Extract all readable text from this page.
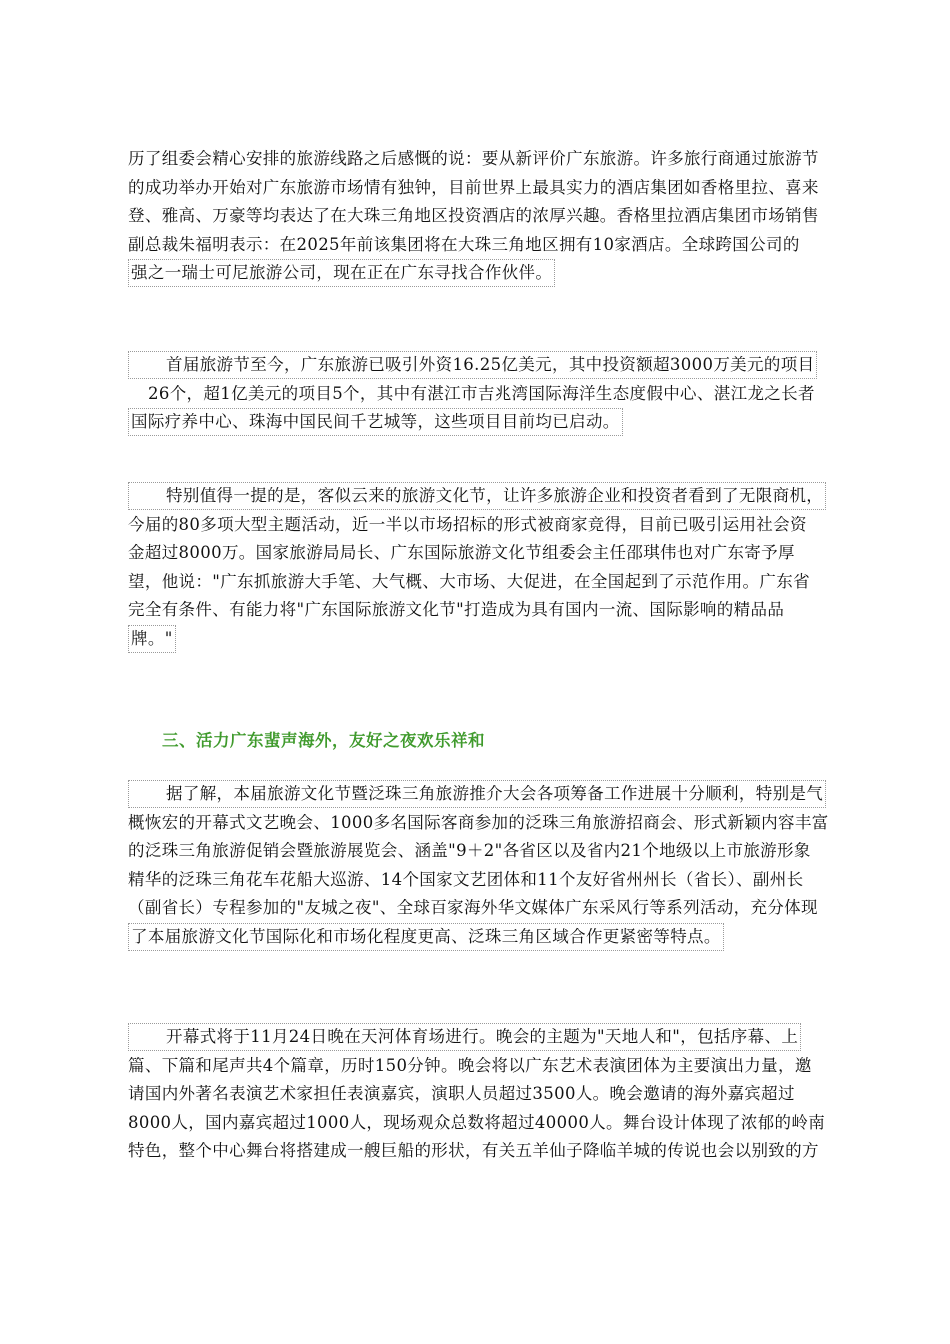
历了组委会精心安排的旅游线路之后感慨的说：要从新评价广东旅游。许多旅行商通过旅游节
的成功举办开始对广东旅游市场情有独钟，目前世界上最具实力的酒店集团如香格里拉、喜来
登、雅高、万豪等均表达了在大珠三角地区投资酒店的浓厚兴趣。香格里拉酒店集团市场销售
副总裁朱福明表示：在2025年前该集团将在大珠三角地区拥有10家酒店。全球跨国公司的
强之一瑞士可尼旅游公司，现在正在广东寻找合作伙伴。
首届旅游节至今，广东旅游已吸引外资16.25亿美元，其中投资额超3000万美元的项目
26个，超1亿美元的项目5个，其中有湛江市吉兆湾国际海洋生态度假中心、湛江龙之长者
国际疗养中心、珠海中国民间千艺城等，这些项目目前均已启动。
特别值得一提的是，客似云来的旅游文化节，让许多旅游企业和投资者看到了无限商机，
今届的80多项大型主题活动，近一半以市场招标的形式被商家竞得，目前已吸引运用社会资
金超过8000万。国家旅游局局长、广东国际旅游文化节组委会主任邵琪伟也对广东寄予厚
望，他说："广东抓旅游大手笔、大气概、大市场、大促进，在全国起到了示范作用。广东省
完全有条件、有能力将"广东国际旅游文化节"打造成为具有国内一流、国际影响的精品品
牌。"
三、活力广东蜚声海外，友好之夜欢乐祥和
据了解，本届旅游文化节暨泛珠三角旅游推介大会各项筹备工作进展十分顺利，特别是气
概恢宏的开幕式文艺晚会、1000多名国际客商参加的泛珠三角旅游招商会、形式新颖内容丰富
的泛珠三角旅游促销会暨旅游展览会、涵盖"9＋2"各省区以及省内21个地级以上市旅游形象
精华的泛珠三角花车花船大巡游、14个国家文艺团体和11个友好省州州长（省长）、副州长
（副省长）专程参加的"友城之夜"、全球百家海外华文媒体广东采风行等系列活动，充分体现
了本届旅游文化节国际化和市场化程度更高、泛珠三角区域合作更紧密等特点。
开幕式将于11月24日晚在天河体育场进行。晚会的主题为"天地人和"，包括序幕、上
篇、下篇和尾声共4个篇章，历时150分钟。晚会将以广东艺术表演团体为主要演出力量，邀
请国内外著名表演艺术家担任表演嘉宾，演职人员超过3500人。晚会邀请的海外嘉宾超过
8000人，国内嘉宾超过1000人，现场观众总数将超过40000人。舞台设计体现了浓郁的岭南
特色，整个中心舞台将搭建成一艘巨船的形状，有关五羊仙子降临羊城的传说也会以别致的方
